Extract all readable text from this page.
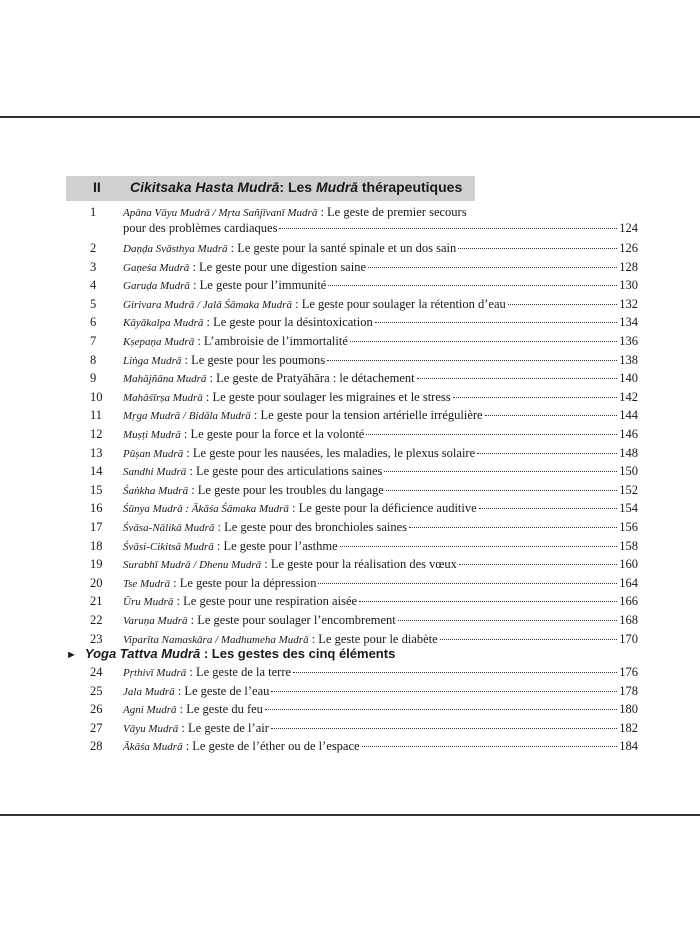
II Cikitsaka Hasta Mudrā: Les Mudrā thérapeutiques
1	Apāna Vāyu Mudrā / Mṛta Sañjīvanī Mudrā : Le geste de premier secours
pour des problèmes cardiaques	124
2	Daṇḍa Svāsthya Mudrā : Le geste pour la santé spinale et un dos sain	126
3	Gaṇeśa Mudrā : Le geste pour une digestion saine	128
4	Garuḍa Mudrā : Le geste pour l’immunité	130
5	Girivara Mudrā / Jalā Śāmaka Mudrā : Le geste pour soulager la rétention d’eau	132
6	Kāyākalpa Mudrā : Le geste pour la désintoxication	134
7	Kṣepaṇa Mudrā : L’ambroisie de l’immortalité	136
8	Liṅga Mudrā : Le geste pour les poumons	138
9	Mahājñāna Mudrā : Le geste de Pratyāhāra : le détachement	140
10	Mahāśīrṣa Mudrā : Le geste pour soulager les migraines et le stress	142
11	Mṛga Mudrā / Bidāla Mudrā : Le geste pour la tension artérielle irrégulière	144
12	Muṣṭi Mudrā : Le geste pour la force et la volonté	146
13	Pūṣan Mudrā : Le geste pour les nausées, les maladies, le plexus solaire	148
14	Sandhi Mudrā : Le geste pour des articulations saines	150
15	Śaṅkha Mudrā : Le geste pour les troubles du langage	152
16	Śūnya Mudrā : Ākāśa Śāmaka Mudrā : Le geste pour la déficience auditive	154
17	Śvāsa-Nālikā Mudrā : Le geste pour des bronchioles saines	156
18	Śvāsi-Cikitsā Mudrā : Le geste pour l’asthme	158
19	Surabhī Mudrā / Dhenu Mudrā : Le geste pour la réalisation des vœux	160
20	Tse Mudrā : Le geste pour la dépression	164
21	Ūru Mudrā : Le geste pour une respiration aisée	166
22	Varuṇa Mudrā : Le geste pour soulager l’encombrement	168
23	Viparīta Namaskāra / Madhumeha Mudrā : Le geste pour le diabète	170
► Yoga Tattva Mudrā : Les gestes des cinq éléments
24	Pṛthivī Mudrā : Le geste de la terre	176
25	Jala Mudrā : Le geste de l’eau	178
26	Agni Mudrā : Le geste du feu	180
27	Vāyu Mudrā : Le geste de l’air	182
28	Ākāśa Mudrā : Le geste de l’éther ou de l’espace	184
